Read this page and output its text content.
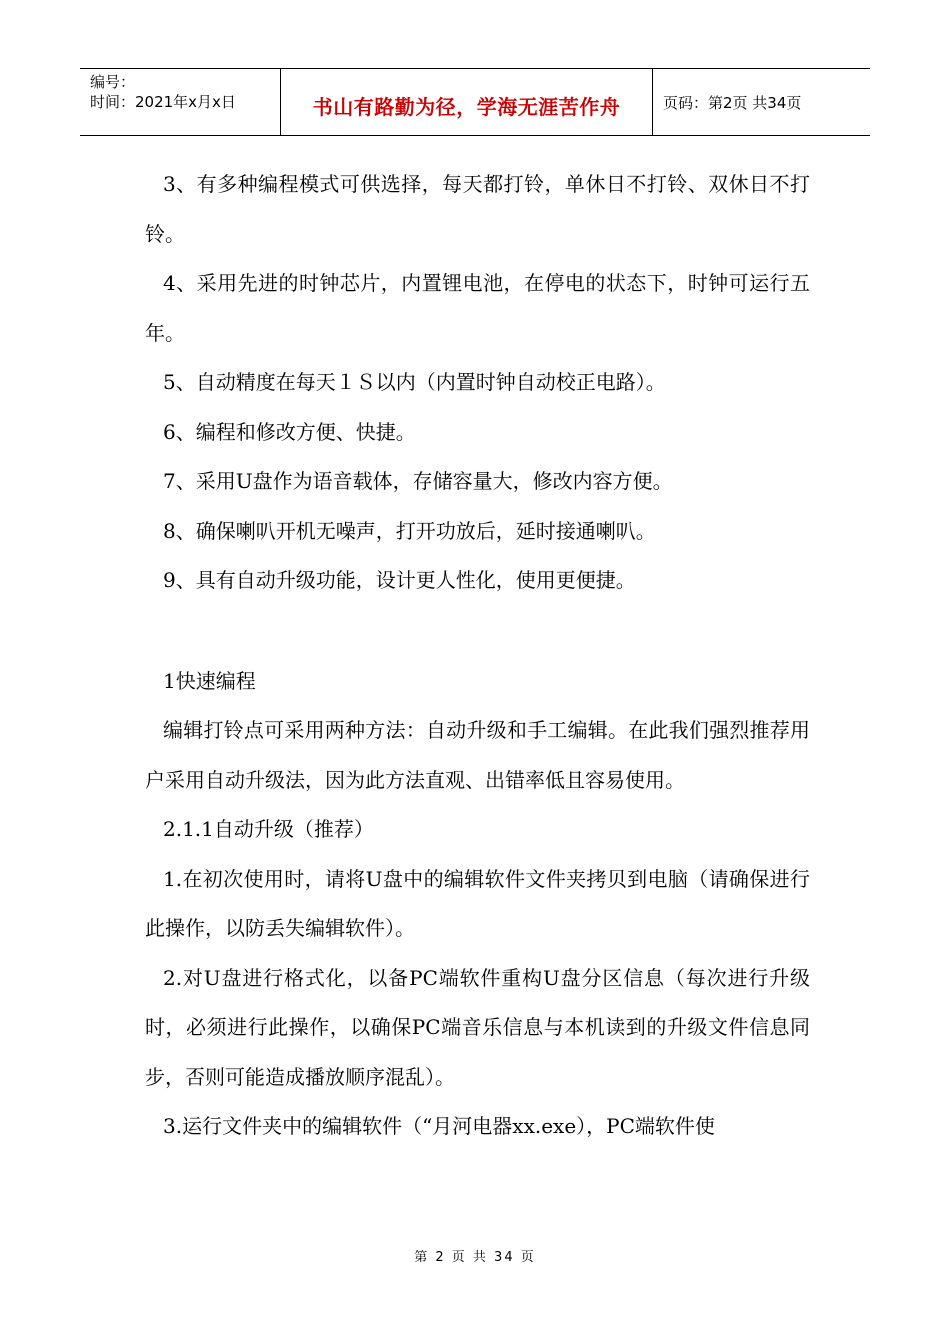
编号：
时间：2021年x月x日	书山有路勤为径，学海无涯苦作舟	页码：第2页 共34页

3、有多种编程模式可供选择，每天都打铃，单休日不打铃、双休日不打铃。

4、采用先进的时钟芯片，内置锂电池，在停电的状态下，时钟可运行五年。

5、自动精度在每天１Ｓ以内（内置时钟自动校正电路）。

6、编程和修改方便、快捷。

7、采用U盘作为语音载体，存储容量大，修改内容方便。

8、确保喇叭开机无噪声，打开功放后，延时接通喇叭。

9、具有自动升级功能，设计更人性化，使用更便捷。

1快速编程

编辑打铃点可采用两种方法：自动升级和手工编辑。在此我们强烈推荐用户采用自动升级法，因为此方法直观、出错率低且容易使用。

2.1.1自动升级（推荐）

1.在初次使用时，请将U盘中的编辑软件文件夹拷贝到电脑（请确保进行此操作，以防丢失编辑软件）。

2.对U盘进行格式化，以备PC端软件重构U盘分区信息（每次进行升级时，必须进行此操作，以确保PC端音乐信息与本机读到的升级文件信息同步，否则可能造成播放顺序混乱）。

3.运行文件夹中的编辑软件（“月河电器xx.exe），PC端软件使

第 2 页 共 34 页
